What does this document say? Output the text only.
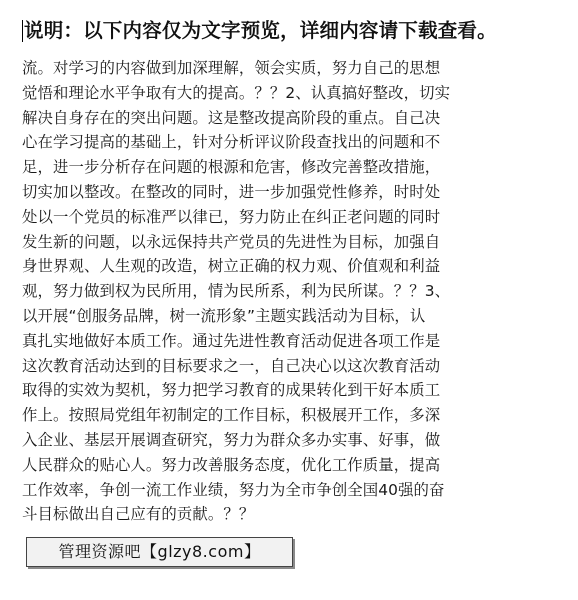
说明：以下内容仅为文字预览，详细内容请下载查看。
流。对学习的内容做到加深理解，领会实质，努力自己的思想
觉悟和理论水平争取有大的提高。？？2、认真搞好整改，切实
解决自身存在的突出问题。这是整改提高阶段的重点。自己决
心在学习提高的基础上，针对分析评议阶段查找出的问题和不
足，进一步分析存在问题的根源和危害，修改完善整改措施，
切实加以整改。在整改的同时，进一步加强党性修养，时时处
处以一个党员的标准严以律已，努力防止在纠正老问题的同时
发生新的问题，以永远保持共产党员的先进性为目标，加强自
身世界观、人生观的改造，树立正确的权力观、价值观和利益
观，努力做到权为民所用，情为民所系，利为民所谋。？？3、
以开展“创服务品牌，树一流形象”主题实践活动为目标，认
真扎实地做好本质工作。通过先进性教育活动促进各项工作是
这次教育活动达到的目标要求之一，自己决心以这次教育活动
取得的实效为契机，努力把学习教育的成果转化到干好本质工
作上。按照局党组年初制定的工作目标，积极展开工作，多深
入企业、基层开展调查研究，努力为群众多办实事、好事，做
人民群众的贴心人。努力改善服务态度，优化工作质量，提高
工作效率，争创一流工作业绩，努力为全市争创全国40强的奋
斗目标做出自己应有的贡献。？？
管理资源吧【glzy8.com】
